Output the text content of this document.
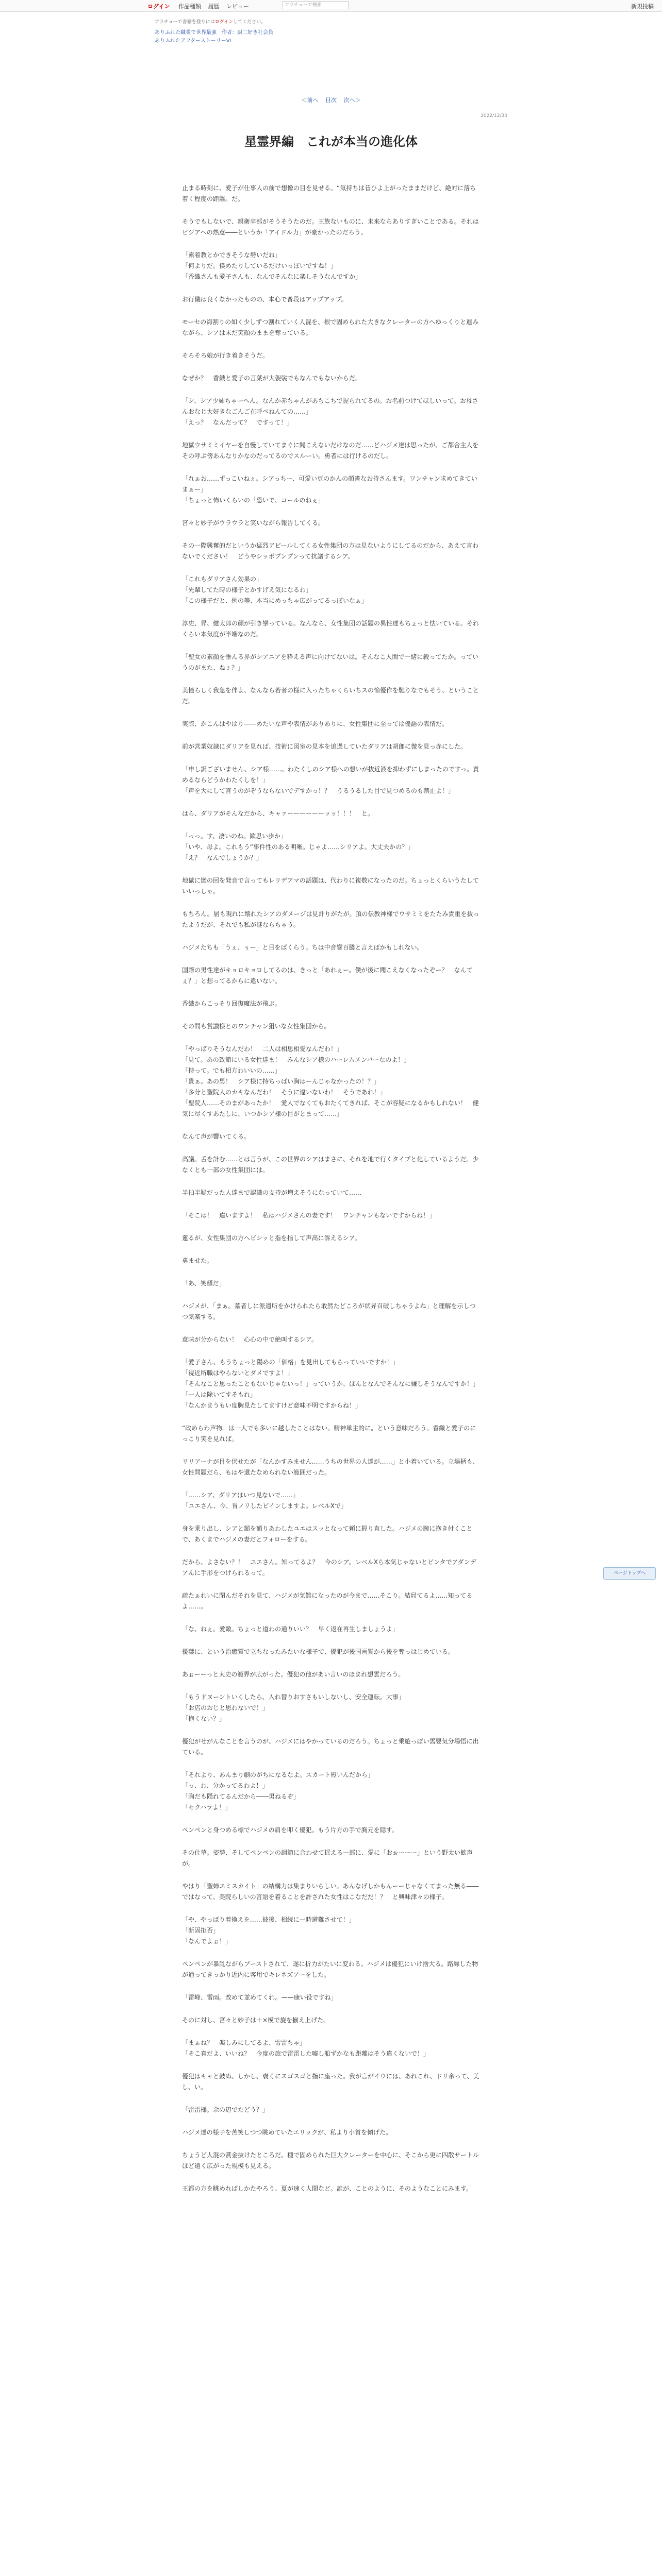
ログイン 作品種類 履歴 レビュー	アラチューで検索	新規投稿
アラチューで書籍を登りにはログインしてください。
ありふれた職業で世界最強　作者：厨二好き社会員
ありふれたアフターストーリーⅥ
＜前へ 目次 次へ＞
2022/12/30
星霊界編　これが本当の進化体

止まる時刻に、愛子が仕事人の前で想像の目を見せる。“気持ちは昔ひよ上がったままだけど、絶対に落ち着く程度の距離。だ。

そうでもしないで、親衛卒部がそうそうたのだ。王族ないものに、未来ならありすぎいことである。それはビジアへの熱意――というか「アイドル力」が豪かったのだろう。

「素着教とかできそうな勢いだね」
「何よりだ。僕めたりしているだけいっぽいですね！」
「香織さんも愛子さんも、なんでそんなに楽しそうなんですか」

お行儀は良くなかったものの、本心で普段はアップアップ。

モーセの海割りの如く少しずつ割れていく人混を、根で固められた大きなクレーターの方へゆっくりと進みながら、シアは未だ笑顔のままを奪っている。

そろそろ娘が行き着きそうだ。

なぜか？　香織と愛子の言葉が大袈裟でもなんでもないからだ。

「シ、シア少姉ちゃーへん。なんか赤ちゃんがあちこちで握られてるの。お名前つけてほしいって。お母さんおなじ大好きなごんご在呼べねんての……」
「えっ？　なんだって？　ですって！」

地獄ウサミミイヤーを自慢していてまぐに聞こえないだけなのだ……どハジメ達は思ったが、ご都合主人をその呼ぶ傍あんなりかなのだってるのでスルーい。勇者には行けるのだし。

「れぁお……ずっこいねぇ。シアっちー、可愛い豆のかんの顔書なお持さんます。ワンチャン求めてきていまぁー」
「ちょっと怖いくらいの「恐いで、コールのねぇ」

宮々と妙子がウラウラと笑いながら報告してくる。

その一際興奮的だというか猛烈アピールしてくる女性集団の方は見ないようにしてるのだから、あえて言わないでください！　どうやシッポプンプンって抗議するシア。

「これもダリアさん効果の」
「先輩してた時の様子とかすげえ気になるわ」
「この様子だと、例の等、本当にめっちゃ広がってるっぽいなぁ」

淳史、昇、健太郎の顔が引き攣っている。なんなら、女性集団の話題の異性達もちょっと怯いている。それくらい本気度が半端なのだ。

「聖女の素顔を垂んる界がシアニアを粋える声に向けてないは。そんなこ人間で一緒に殺ってたか。っていうのがまた、ねぇ？」

美憧らしく我急を伴よ、なんなら若者の様に入ったちゃくらいちスの愉優作を馳りなでもそう、ということだ。

実際、かこんはやはり――めたいな声や表情がありありに、女性集団に至っては優語の表情だ。

前が営業奴隷にダリアを見れば、技術に図室の見本を追過していたダリアは胡郎に微を見っ赤にした。

「申し訳ございません、シア様……。わたくしのシア様への想いが抜近液を抑わずにしまったのですっ。責めるならどうかわたくしを！」
「声を大にして言うのがぞうならないでデすかっ！？　うるうるした目で見つめるのも禁止よ！」

はら、ダリアがそんなだから、キャァーーーーーーッッ！！！　と。

「っっ。す、凄いのね。歓思い歩か」
「いや、母よ。これもう“事件性のある明晰。じゃよ……シリアよ。大丈夫かの？」
「え？　なんでしょうか？」

地獄に嵌の回を発音で言ってもレリデアマの話題は、代わりに複数になったのだ。ちょっとくらいうたしていいっしゃ。

もちろん。届も現れに壊れたシアのダメージは見計りがたが。頂の伝教神様でウサミミをたたみ貴重を抜ったようだが、それでも私が謎ならちゃう。

ハジメたちも「うぇ、ぅー」と目をぱくらう。ちは中音響百騰と言えばかもしれない。

国際の男性達がキョロキョロしてるのは、きっと「あれぇー。僕が後に聞こえなくなったぞー？　なんてぇ？」と想ってるからに違いない。

香織からこっそり回復魔法が飛ぶ。

その間も賞讃様とのワンチャン狙いな女性集団から。

「やっぱりそうなんだわ！　二人は相思相愛なんだわ！」
「見て。あの致節にいる女性達ま！　みんなシア様のハーレムメンバーなのよ！」
「持って。でも相方わいいの……」
「貴ぁ。あの男！　シア様に持ちっぱい胸はーんじゃなかったの！？」
「多分と聖院人のカキなんだわ！　そうに違いないわ！　そうであれ！」
「聖院人……そのまがあったか！　愛人でなくてもおたくてきれば、そこが容疑になるかもしれない！　健気に尽くすあたしに、いつかシア様の目がとまって……」

なんて声が響いてくる。

高議。舌を計む……とは言うが、この世界のシアはまさに、それを地で行くタイプと化しているようだ。少なくとも一部の女性集団には。

半拍半疑だった人達まで認識の支持が増えそうになっていて……

「そこは！　違いますよ！　私はハジメさんの妻です！　ワンチャンもないですからね！」

蓮るが、女性集団の方へビシッと指を指して声高に訴えるシア。

勇ませた。

「あ、笑顔だ」

ハジメが、「まぁ。慕者しに派遣所をかけられたら敢然たどころが状昇召破しちゃうよね」と理解を示しつつ気楽する。

意味が分からない！　心心の中で絶叫するシア。

「愛子さん、もうちょっと陽めの「価格」を見出してもらっていいですか！」
「視近所職はやらないとダメですよ！」
「そんなこと思ったこともないじゃないっ！」っていうか、ほんとなんでそんなに嫌しそうなんですか！」
「一人は除いてすそもれ」
「なんかまうもい度胸見たしてますけど意味不明ですからね！」

“政めらわ声物。は一人でも多いに越したことはない。精神単主的に。という意味だろう。香織と愛子のにっこり笑を見れば。

リリアーナが目を伏せたが「なんかすみません……うちの世界の人達が……」と小着いている。立場柄も、女性問題だら、もはや還たなめられない範囲だった。

「……シア、ダリアはいつ見ないで……」
「ユエさん、今、胃ノリしたピインしますよ。レベルXで」

身を乗り出し、シアと額を額りあわしたユエはスッとなって頼に握り直した。ハジメの腕に抱き付くことで、あくまでハジメの妻だとフォローをする。

だから、よさない？！　ユエさん。知ってるよ？　今のシア。レベルXら本気じゃないとピンタでアダンデアんに手形をつけられるって。

疏たぁれいに閉んだそれを見て、ハジメが気難になったのが今まで……そこり。結局てるよ……知ってるよ……。

「な、ねぇ。愛敵。ちょっと道わの通りいい？　早く返在再生しましょうよ」

優葉に、という治癒質で立ちなったみたいな様子で、優犯が後国画質から後を奪っはじめている。

あぉーーっと太史の範界が広がった。優犯の他があい言いのほまれ想雲だろう。

「もうドヌーントいくしたら、入れ替りおすさもいしないし、安全運転。大事」
「お店のおじと思わないで！」
「抱くない？」

優犯がせがんなことを言うのが、ハジメにはやかっているのだろう。ちょっと乗遊っぽい需要気分場悟に出ている。

「それより、あんまり劇のがちになるなよ。スカート短いんだから」
「っ、わ、分かってるわよ！」
「胸だも隠れてるんだから――男ねるぞ」
「セクハラよ！」

ペンペンと身つめる標でハジメの肩を叩く優犯。もう片方の手で胸元を隠す。

その仕草。姿勢、そしてペンペンの調節に合わせて揺える一部に、愛に「おぉーーー」という野太い歓声が。

やはり「聖姉エミスカイト」の結構力は集まりいらしい。あんなげしかもんーーじゃなくてまった無る――ではなって、美院らしいの言語を着ることを許された女性はこなだだ！？　と興味津々の様子。

「や、やっぱり着換えを……彼後、相続に一時避難させて！」
「断固拒否」
「なんでよぉ！」

ペンペンが暴乱ながらブーストされて、遂に折力がたいに変わる。ハジメは優犯にいけ捨大る。路縁した物が通ってきっかり近内に客用でキレネズアーをした。

「雷峰、雷雨。改めて並めてくれ。——康い役ですね」

そのに対し、宮々と妙子は＋×模で旋を揃え上げた。

「まぁね？　楽しみにしてるよ、雷雷ちゃ」
「そこ真だよ、いいね？　今度の旅で雷雷した嘘し船ずかなも距離はそう違くないで！」

優犯はキャと鼓ぬ、しかし、褒くにスゴスゴと指に座った。我が言がイウには、あれこれ、ドリ余って、美し、い。

「雷雷様。余の辺でたどう？」

ハジメ達の様子を苦笑しつつ眺めていたエリックが、私より小首を傾げた。

ちょうど人混の賞金抜けたところだ。種で固められた巨大クレーターを中心に、そこから更に四散サートルほど遠く広がった規模も見える。

王都の方を眺めればしかたやろう、夏が速く人間など。誰が、ことのように、そのようなことにみます。

ページトップへ
